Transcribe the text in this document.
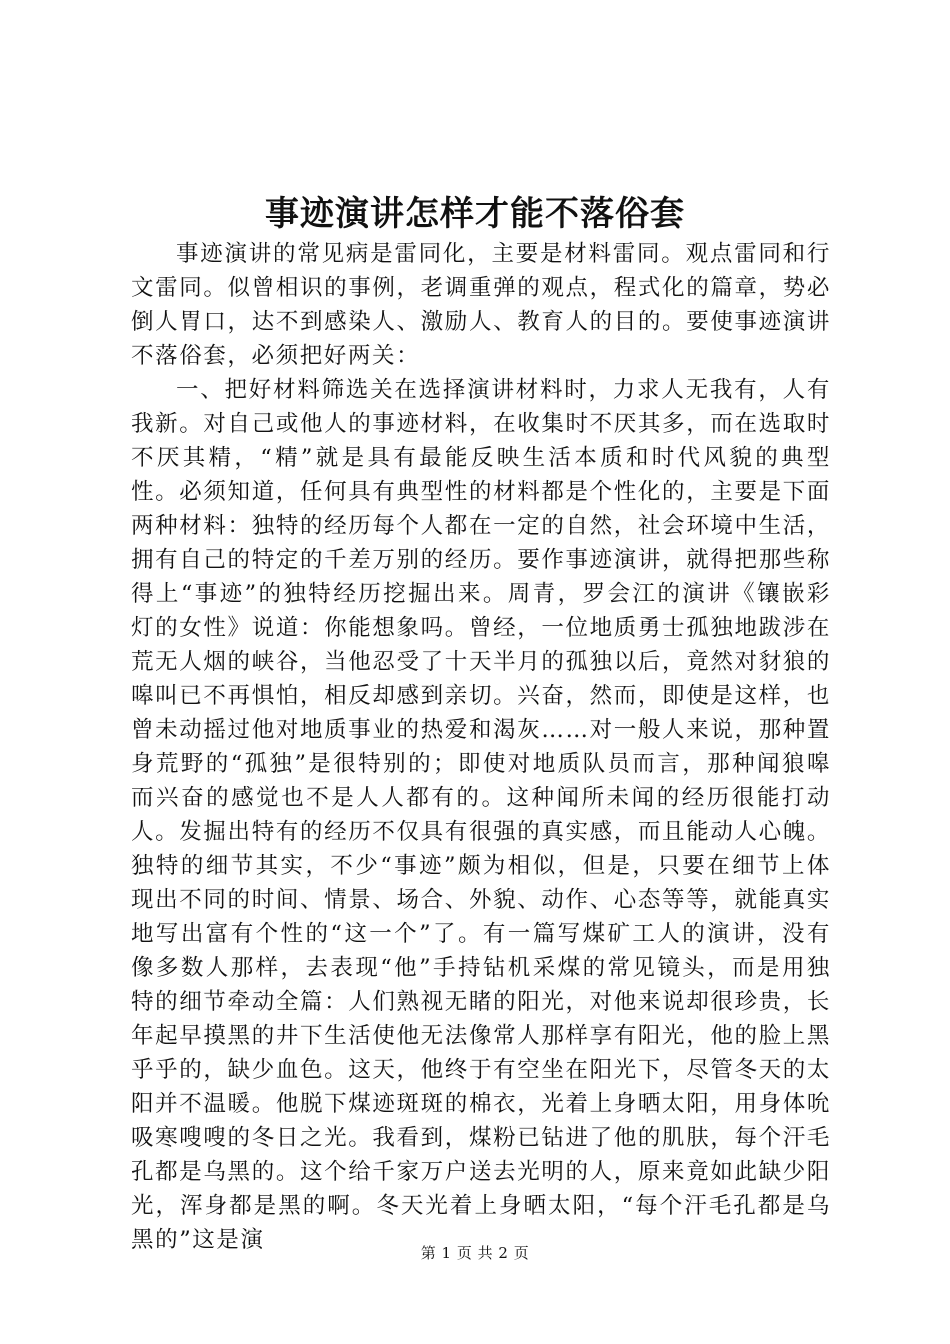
事迹演讲怎样才能不落俗套

事迹演讲的常见病是雷同化，主要是材料雷同。观点雷同和行文雷同。似曾相识的事例，老调重弹的观点，程式化的篇章，势必倒人胃口，达不到感染人、激励人、教育人的目的。要使事迹演讲不落俗套，必须把好两关：

一、把好材料筛选关在选择演讲材料时，力求人无我有，人有我新。对自己或他人的事迹材料，在收集时不厌其多，而在选取时不厌其精，“精”就是具有最能反映生活本质和时代风貌的典型性。必须知道，任何具有典型性的材料都是个性化的，主要是下面两种材料：独特的经历每个人都在一定的自然，社会环境中生活，拥有自己的特定的千差万别的经历。要作事迹演讲，就得把那些称得上“事迹”的独特经历挖掘出来。周青，罗会江的演讲《镶嵌彩灯的女性》说道：你能想象吗。曾经，一位地质勇士孤独地跋涉在荒无人烟的峡谷，当他忍受了十天半月的孤独以后，竟然对豺狼的嗥叫已不再惧怕，相反却感到亲切。兴奋，然而，即使是这样，也曾未动摇过他对地质事业的热爱和渴灰……对一般人来说，那种置身荒野的“孤独”是很特别的；即使对地质队员而言，那种闻狼嗥而兴奋的感觉也不是人人都有的。这种闻所未闻的经历很能打动人。发掘出特有的经历不仅具有很强的真实感，而且能动人心魄。独特的细节其实，不少“事迹”颇为相似，但是，只要在细节上体现出不同的时间、情景、场合、外貌、动作、心态等等，就能真实地写出富有个性的“这一个”了。有一篇写煤矿工人的演讲，没有像多数人那样，去表现“他”手持钻机采煤的常见镜头，而是用独特的细节牵动全篇：人们熟视无睹的阳光，对他来说却很珍贵，长年起早摸黑的井下生活使他无法像常人那样享有阳光，他的脸上黑乎乎的，缺少血色。这天，他终于有空坐在阳光下，尽管冬天的太阳并不温暖。他脱下煤迹斑斑的棉衣，光着上身晒太阳，用身体吮吸寒嗖嗖的冬日之光。我看到，煤粉已钻进了他的肌肤，每个汗毛孔都是乌黑的。这个给千家万户送去光明的人，原来竟如此缺少阳光，浑身都是黑的啊。冬天光着上身晒太阳，“每个汗毛孔都是乌黑的”这是演	第 1 页 共 2 页
